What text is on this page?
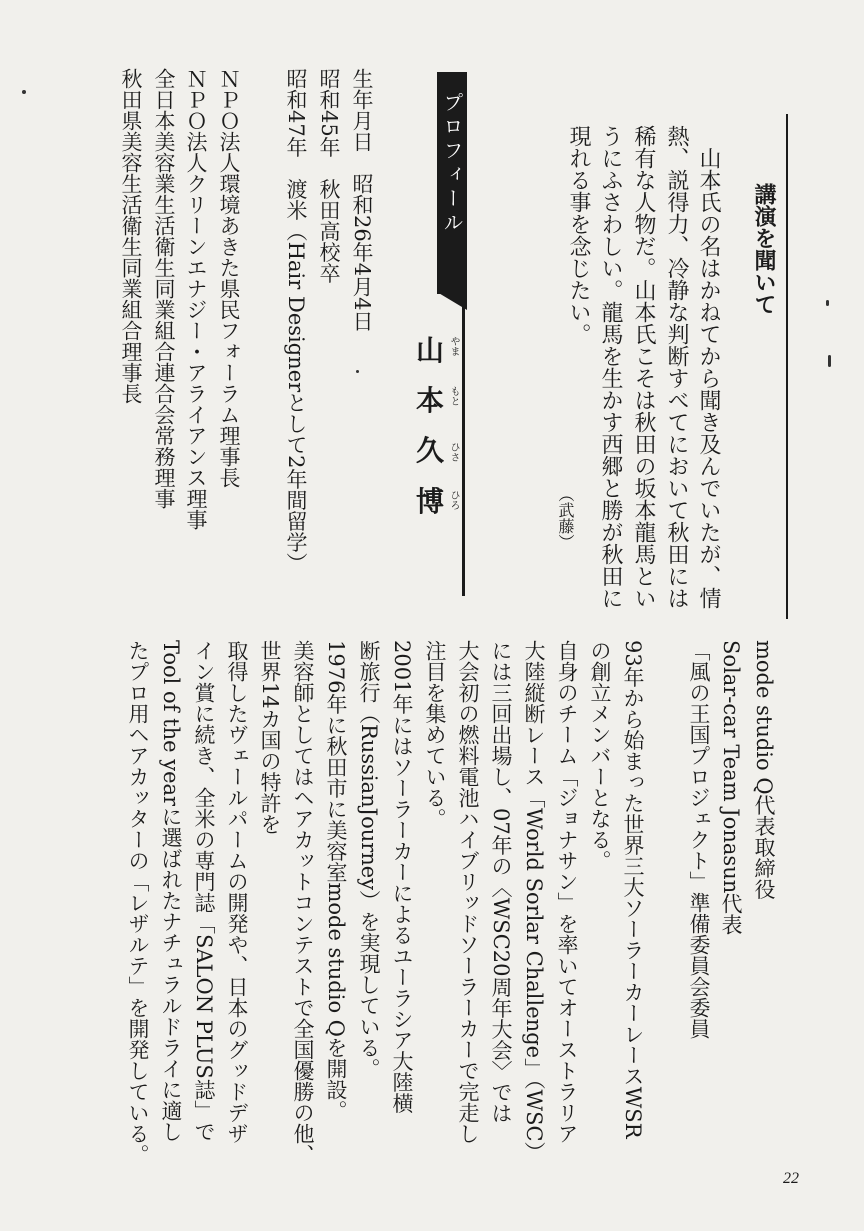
講演を聞いて
　山本氏の名はかねてから聞き及んでいたが、情
熱、説得力、冷静な判断すべてにおいて秋田には
稀有な人物だ。山本氏こそは秋田の坂本龍馬とい
うにふさわしい。龍馬を生かす西郷と勝が秋田に
現れる事を念じたい。
（武藤）
プロフィール
山 やま
本 もと
久 ひさ
博 ひろ
生年月日　昭和26年4月4日
昭和45年　秋田高校卒
昭和47年　渡米（Hair Designerとして2年間留学）
ＮＰＯ法人環境あきた県民フォーラム理事長
ＮＰＯ法人クリーンエナジー・アライアンス理事
全日本美容業生活衛生同業組合連合会常務理事
秋田県美容生活衛生同業組合理事長
mode studio Q代表取締役
Solar-car Team Jonasun代表
「風の王国プロジェクト」準備委員会委員
93年から始まった世界三大ソーラーカーレースWSR
の創立メンバーとなる。
自身のチーム「ジョナサン」を率いてオーストラリア
大陸縦断レース「World Sorlar Challenge」（WSC）
には三回出場し、07年の〈WSC20周年大会〉では
大会初の燃料電池ハイブリッドソーラーカーで完走し
注目を集めている。
2001年にはソーラーカーによるユーラシア大陸横
断旅行（RussianJourney）を実現している。
1976年に秋田市に美容室mode studio Qを開設。
美容師としてはヘアカットコンテストで全国優勝の他、
世界14カ国の特許を
取得したヴェールパームの開発や、日本のグッドデザ
イン賞に続き、全米の専門誌「SALON PLUS誌」で
Tool of the yearに選ばれたナチュラルドライに適し
たプロ用ヘアカッターの「レザルテ」を開発している。
22
